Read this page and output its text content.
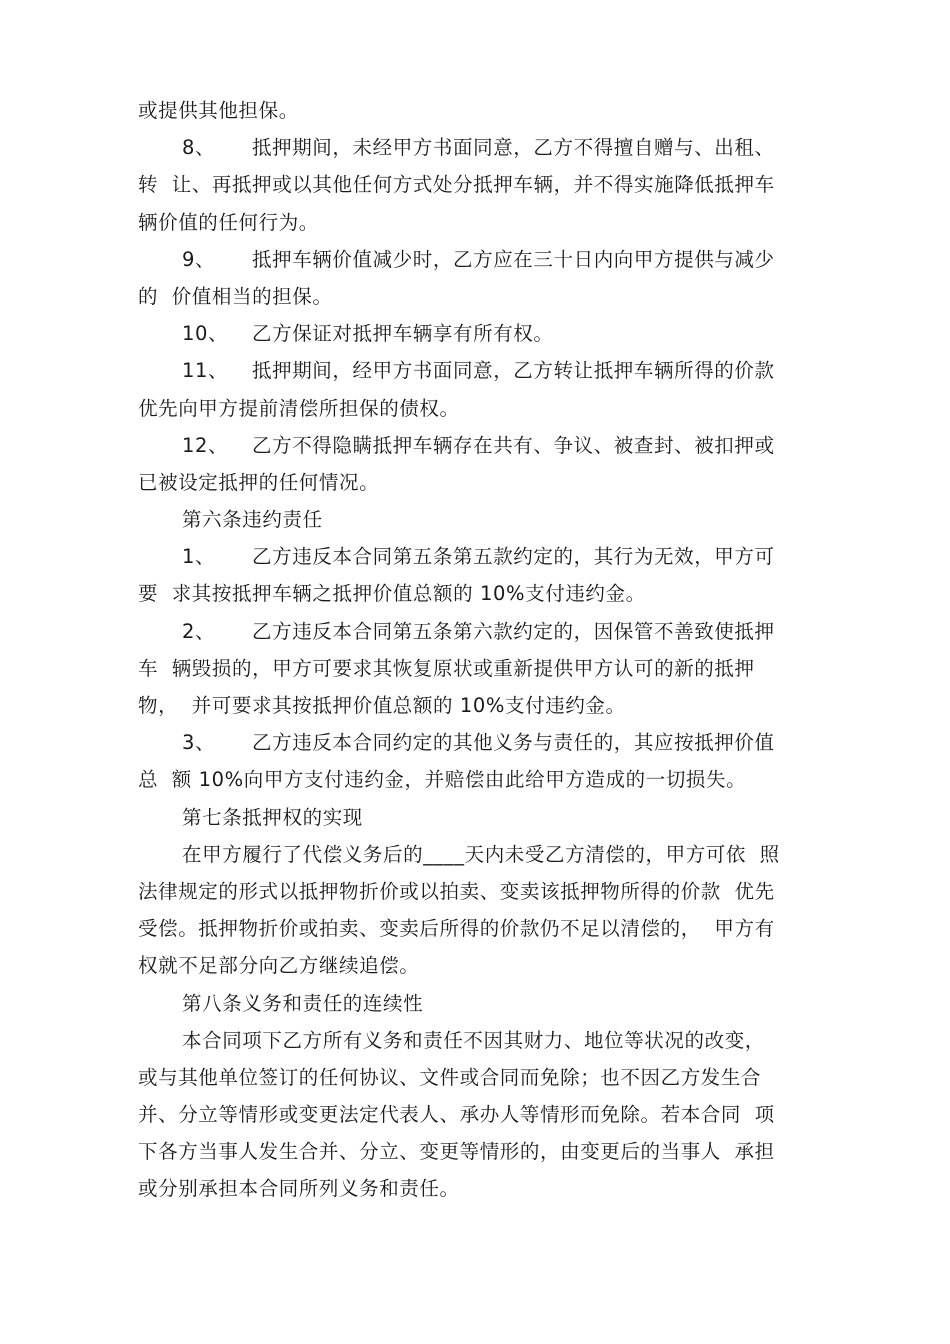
或提供其他担保。
8、 抵押期间，未经甲方书面同意，乙方不得擅自赠与、出租、
转  让、再抵押或以其他任何方式处分抵押车辆，并不得实施降低抵押车
辆价值的任何行为。
9、 抵押车辆价值减少时，乙方应在三十日内向甲方提供与减少
的  价值相当的担保。
10、 乙方保证对抵押车辆享有所有权。
11、 抵押期间，经甲方书面同意，乙方转让抵押车辆所得的价款
优先向甲方提前清偿所担保的债权。
12、 乙方不得隐瞒抵押车辆存在共有、争议、被查封、被扣押或
已被设定抵押的任何情况。
第六条违约责任
1、 乙方违反本合同第五条第五款约定的，其行为无效，甲方可
要  求其按抵押车辆之抵押价值总额的 10%支付违约金。
2、 乙方违反本合同第五条第六款约定的，因保管不善致使抵押
车  辆毁损的，甲方可要求其恢复原状或重新提供甲方认可的新的抵押
物，  并可要求其按抵押价值总额的 10%支付违约金。
3、 乙方违反本合同约定的其他义务与责任的，其应按抵押价值
总  额 10%向甲方支付违约金，并赔偿由此给甲方造成的一切损失。
第七条抵押权的实现
在甲方履行了代偿义务后的____天内未受乙方清偿的，甲方可依  照
法律规定的形式以抵押物折价或以拍卖、变卖该抵押物所得的价款  优先
受偿。抵押物折价或拍卖、变卖后所得的价款仍不足以清偿的，  甲方有
权就不足部分向乙方继续追偿。
第八条义务和责任的连续性
本合同项下乙方所有义务和责任不因其财力、地位等状况的改变，
或与其他单位签订的任何协议、文件或合同而免除；也不因乙方发生合
并、分立等情形或变更法定代表人、承办人等情形而免除。若本合同  项
下各方当事人发生合并、分立、变更等情形的，由变更后的当事人  承担
或分别承担本合同所列义务和责任。
